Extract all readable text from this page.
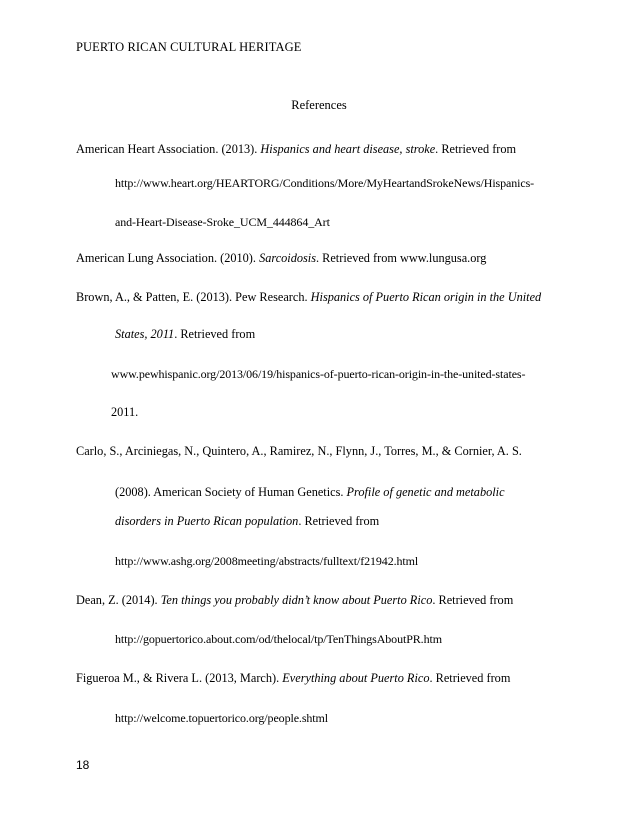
PUERTO RICAN CULTURAL HERITAGE
References
American Heart Association. (2013). Hispanics and heart disease, stroke. Retrieved from
http://www.heart.org/HEARTORG/Conditions/More/MyHeartandSrokeNews/Hispanics-
and-Heart-Disease-Sroke_UCM_444864_Art
American Lung Association. (2010). Sarcoidosis. Retrieved from www.lungusa.org
Brown, A., & Patten, E. (2013). Pew Research. Hispanics of Puerto Rican origin in the United
States, 2011. Retrieved from
www.pewhispanic.org/2013/06/19/hispanics-of-puerto-rican-origin-in-the-united-states-
2011.
Carlo, S., Arciniegas, N., Quintero, A., Ramirez, N., Flynn, J., Torres, M., & Cornier, A. S.
(2008). American Society of Human Genetics. Profile of genetic and metabolic
disorders in Puerto Rican population. Retrieved from
http://www.ashg.org/2008meeting/abstracts/fulltext/f21942.html
Dean, Z. (2014). Ten things you probably didn’t know about Puerto Rico. Retrieved from
http://gopuertorico.about.com/od/thelocal/tp/TenThingsAboutPR.htm
Figueroa M., & Rivera L. (2013, March). Everything about Puerto Rico. Retrieved from
http://welcome.topuertorico.org/people.shtml
18
